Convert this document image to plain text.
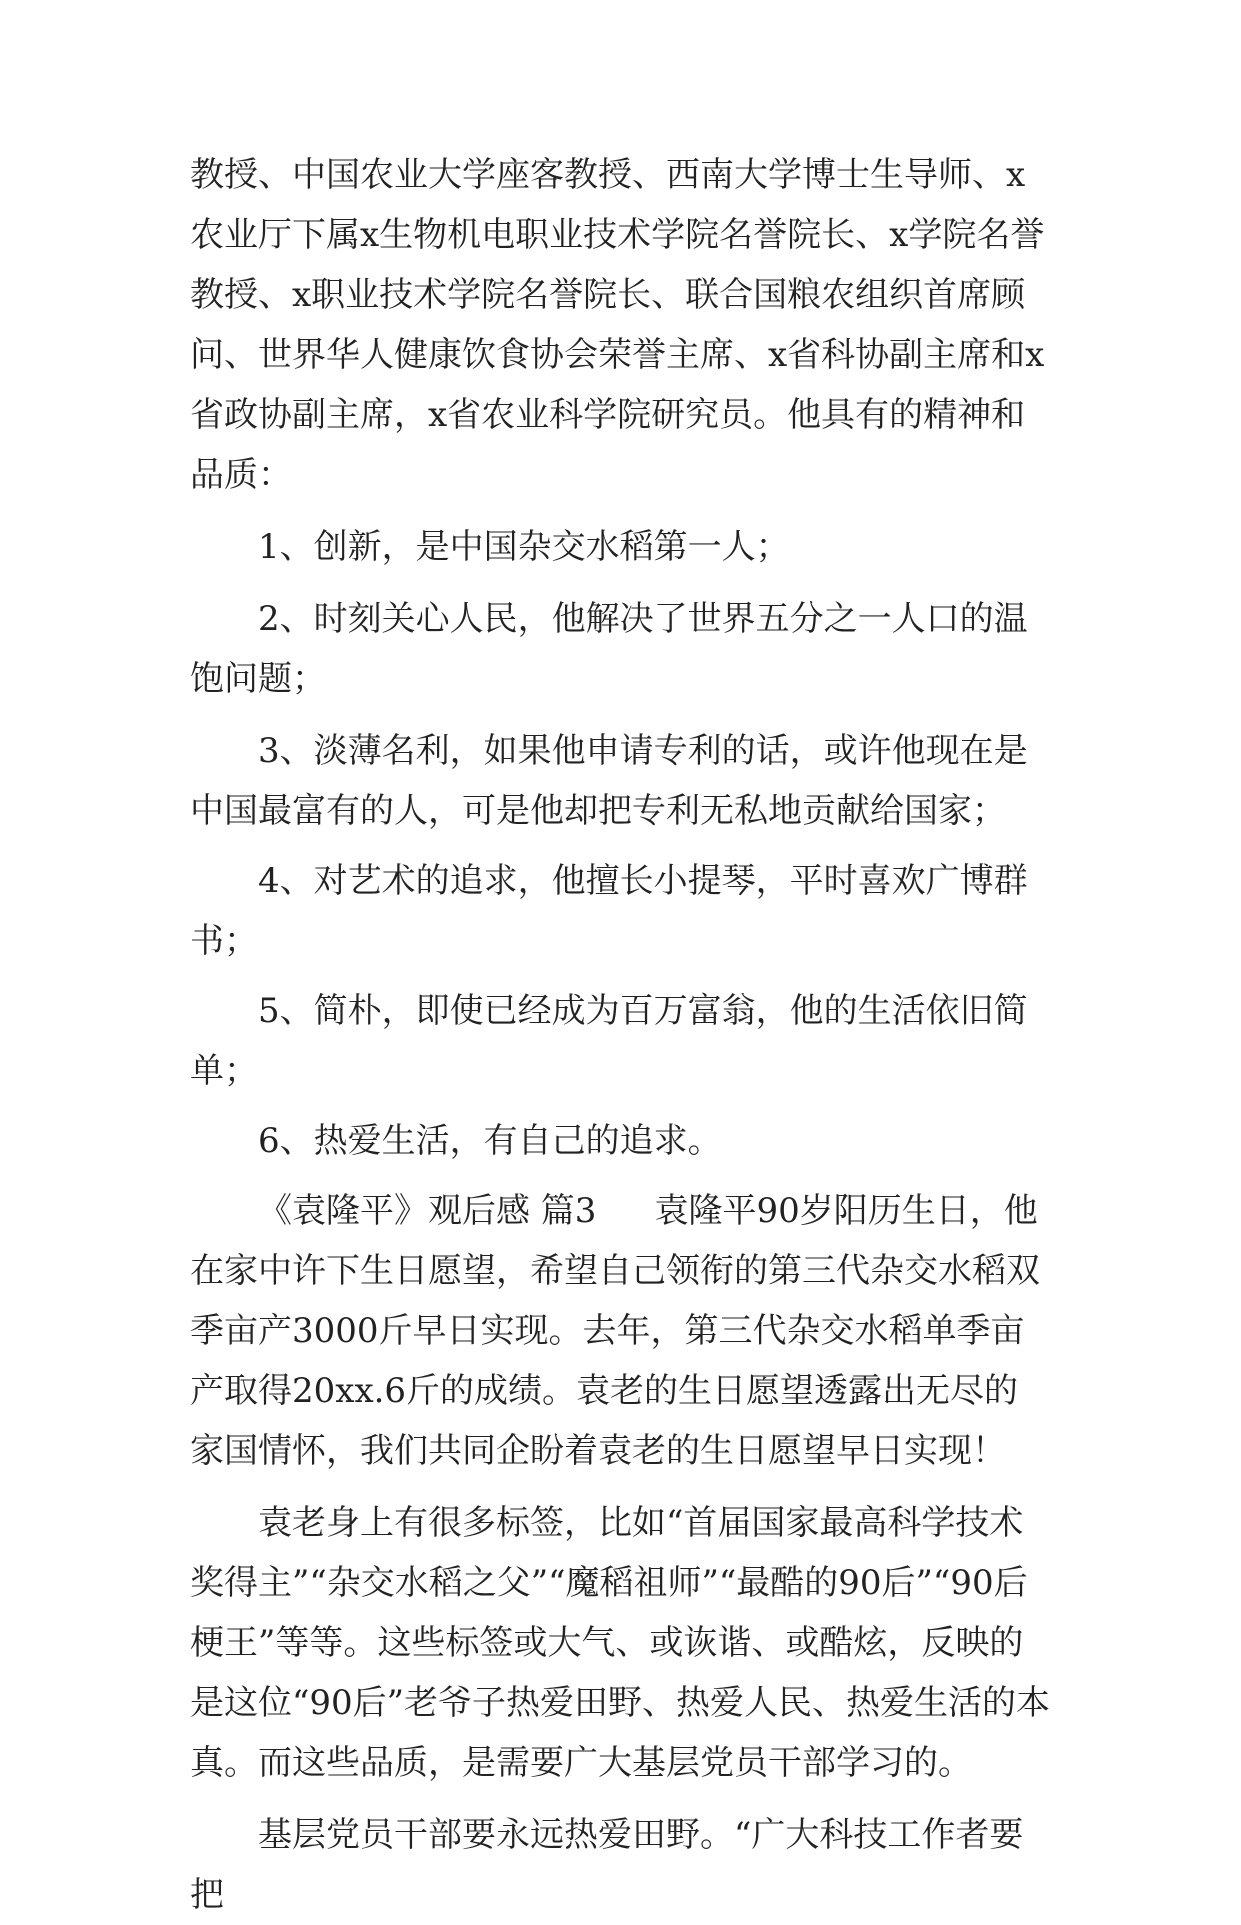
教授、中国农业大学座客教授、西南大学博士生导师、x农业厅下属x生物机电职业技术学院名誉院长、x学院名誉教授、x职业技术学院名誉院长、联合国粮农组织首席顾问、世界华人健康饮食协会荣誉主席、x省科协副主席和x省政协副主席，x省农业科学院研究员。他具有的精神和品质：

1、创新，是中国杂交水稻第一人；

2、时刻关心人民，他解决了世界五分之一人口的温饱问题；

3、淡薄名利，如果他申请专利的话，或许他现在是中国最富有的人，可是他却把专利无私地贡献给国家；

4、对艺术的追求，他擅长小提琴，平时喜欢广博群书；

5、简朴，即使已经成为百万富翁，他的生活依旧简单；

6、热爱生活，有自己的追求。

《袁隆平》观后感 篇3 袁隆平90岁阳历生日，他在家中许下生日愿望，希望自己领衔的第三代杂交水稻双季亩产3000斤早日实现。去年，第三代杂交水稻单季亩产取得20xx.6斤的成绩。袁老的生日愿望透露出无尽的家国情怀，我们共同企盼着袁老的生日愿望早日实现！

袁老身上有很多标签，比如“首届国家最高科学技术奖得主”“杂交水稻之父”“魔稻祖师”“最酷的90后”“90后梗王”等等。这些标签或大气、或诙谐、或酷炫，反映的是这位“90后”老爷子热爱田野、热爱人民、热爱生活的本真。而这些品质，是需要广大基层党员干部学习的。

基层党员干部要永远热爱田野。“广大科技工作者要把
